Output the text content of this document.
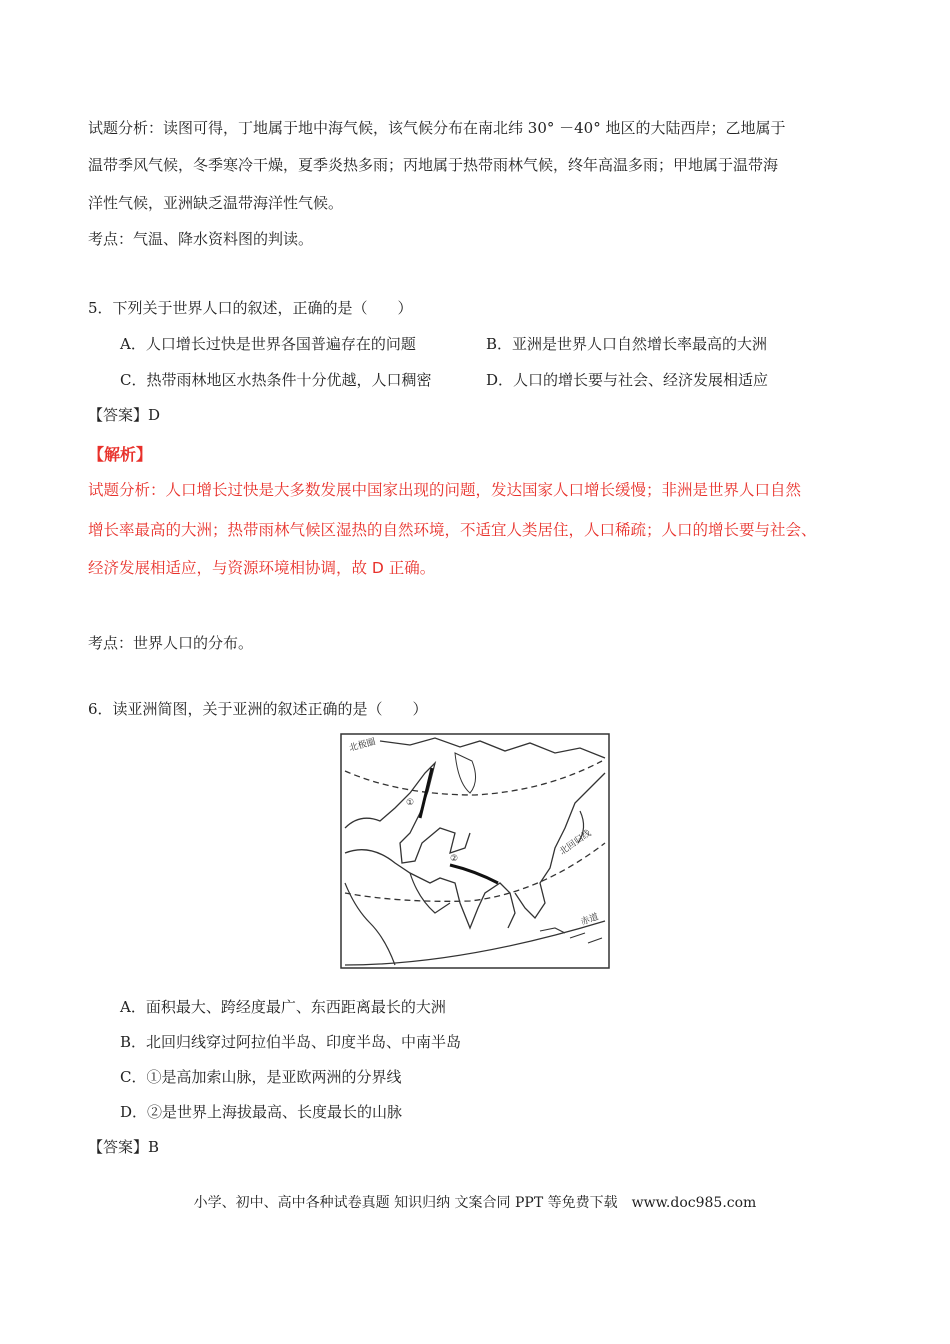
试题分析：读图可得，丁地属于地中海气候，该气候分布在南北纬 30° －40° 地区的大陆西岸；乙地属于
温带季风气候，冬季寒冷干燥，夏季炎热多雨；丙地属于热带雨林气候，终年高温多雨；甲地属于温带海
洋性气候，亚洲缺乏温带海洋性气候。
考点：气温、降水资料图的判读。
5．下列关于世界人口的叙述，正确的是（　　）
A．人口增长过快是世界各国普遍存在的问题	B．亚洲是世界人口自然增长率最高的大洲
C．热带雨林地区水热条件十分优越，人口稠密	D．人口的增长要与社会、经济发展相适应
【答案】D
【解析】
试题分析：人口增长过快是大多数发展中国家出现的问题，发达国家人口增长缓慢；非洲是世界人口自然
增长率最高的大洲；热带雨林气候区湿热的自然环境，不适宜人类居住，人口稀疏；人口的增长要与社会、
经济发展相适应，与资源环境相协调，故 D 正确。
考点：世界人口的分布。
6．读亚洲简图，关于亚洲的叙述正确的是（　　）
①
②
北极圈
北回归线
赤道
A．面积最大、跨经度最广、东西距离最长的大洲
B．北回归线穿过阿拉伯半岛、印度半岛、中南半岛
C．①是高加索山脉，是亚欧两洲的分界线
D．②是世界上海拔最高、长度最长的山脉
【答案】B
小学、初中、高中各种试卷真题 知识归纳 文案合同 PPT 等免费下载　www.doc985.com
